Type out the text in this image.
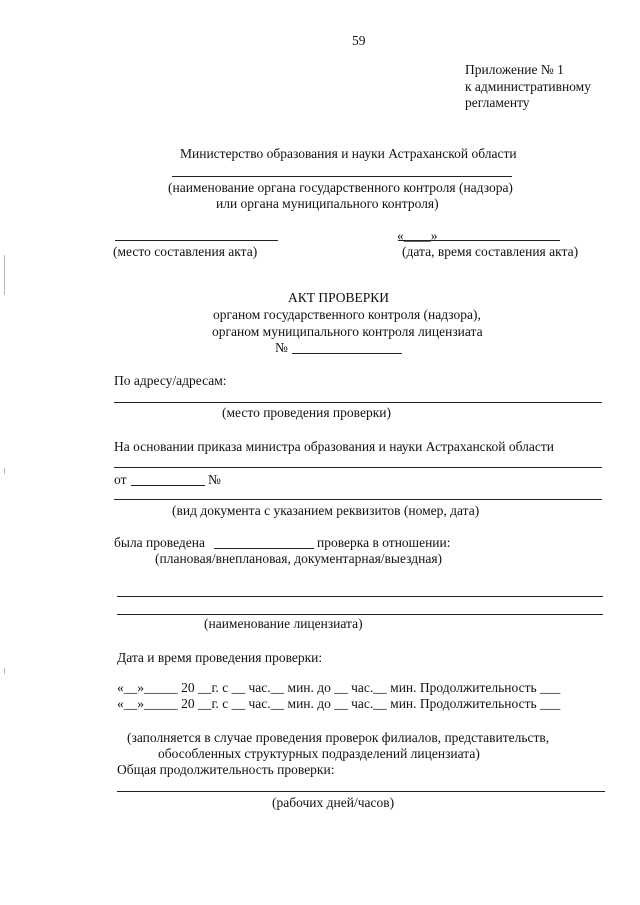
59
Приложение № 1
к административному
регламенту
Министерство образования и науки Астраханской области
(наименование органа государственного контроля (надзора)
или органа муниципального контроля)
(место составления акта)
«____»
(дата, время составления акта)
АКТ ПРОВЕРКИ
органом государственного контроля (надзора),
органом муниципального контроля лицензиата
№
По адресу/адресам:
(место проведения проверки)
На основании приказа министра образования и науки Астраханской области
от	№
(вид документа с указанием реквизитов (номер, дата)
была проведена	проверка в отношении:
(плановая/внеплановая, документарная/выездная)
(наименование лицензиата)
Дата и время проведения проверки:
«__»_____ 20 __г. с __ час.__ мин. до __ час.__ мин. Продолжительность ___
«__»_____ 20 __г. с __ час.__ мин. до __ час.__ мин. Продолжительность ___
(заполняется в случае проведения проверок филиалов, представительств,
обособленных структурных подразделений лицензиата)
Общая продолжительность проверки:
(рабочих дней/часов)
